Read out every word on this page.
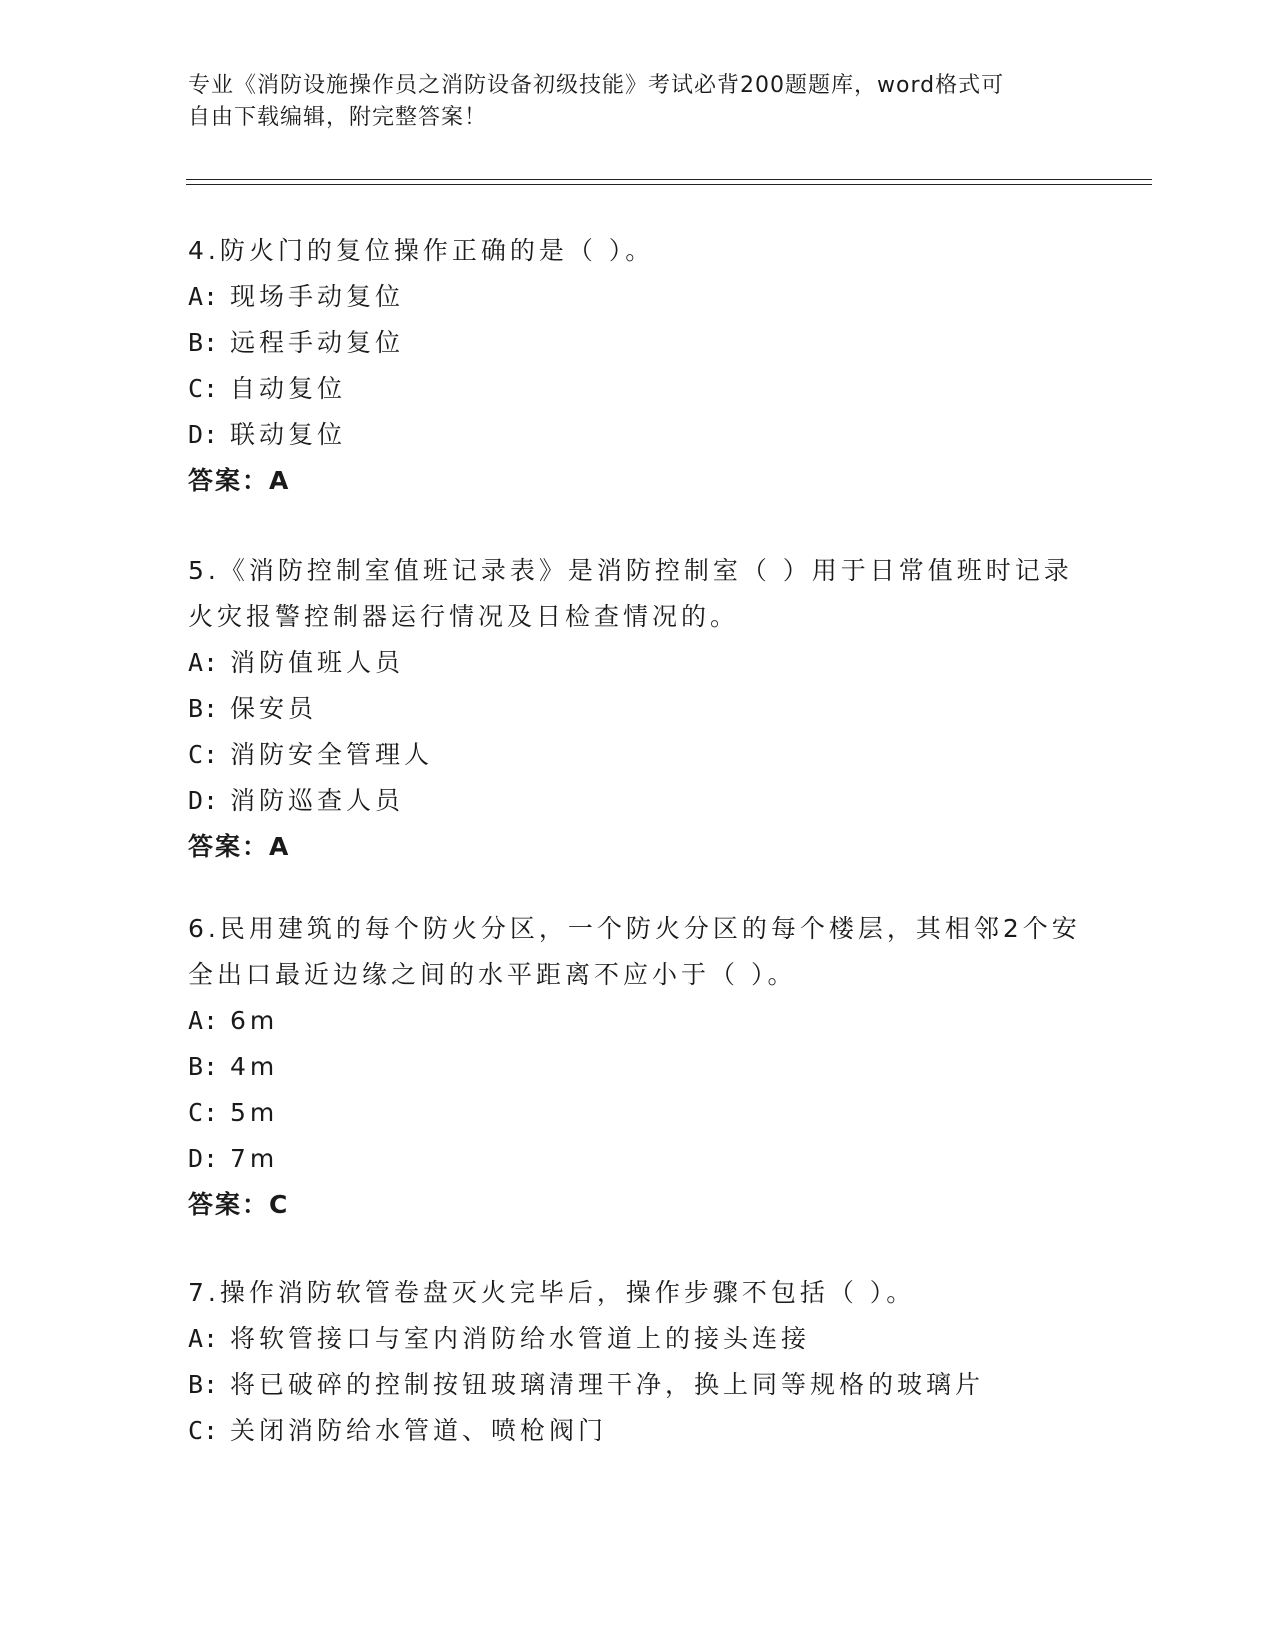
专业《消防设施操作员之消防设备初级技能》考试必背200题题库，word格式可
自由下载编辑，附完整答案！

4.防火门的复位操作正确的是（ ）。

A: 现场手动复位
B: 远程手动复位
C: 自动复位
D: 联动复位
答案：A

5.《消防控制室值班记录表》是消防控制室（ ）用于日常值班时记录火灾报警控制器运行情况及日检查情况的。

A: 消防值班人员
B: 保安员
C: 消防安全管理人
D: 消防巡查人员
答案：A

6.民用建筑的每个防火分区，一个防火分区的每个楼层，其相邻2个安全出口最近边缘之间的水平距离不应小于（ ）。

A: 6m
B: 4m
C: 5m
D: 7m
答案：C

7.操作消防软管卷盘灭火完毕后，操作步骤不包括（ ）。

A: 将软管接口与室内消防给水管道上的接头连接
B: 将已破碎的控制按钮玻璃清理干净，换上同等规格的玻璃片
C: 关闭消防给水管道、喷枪阀门
